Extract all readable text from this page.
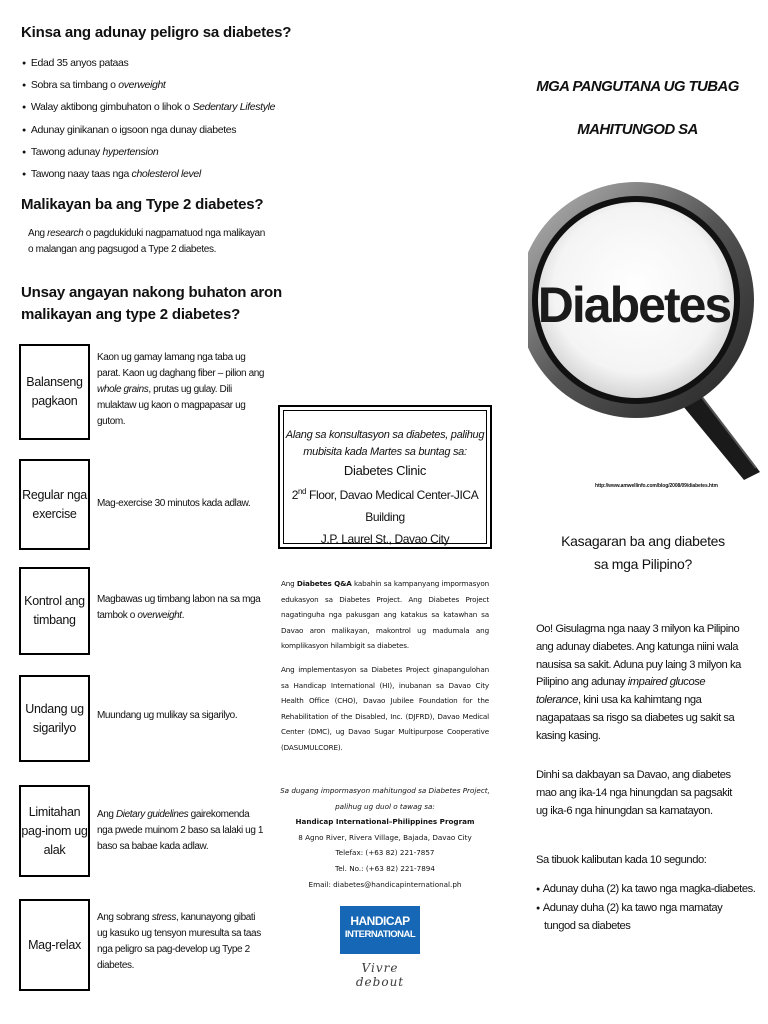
Kinsa ang adunay peligro sa diabetes?
● Edad 35 anyos pataas
● Sobra sa timbang o overweight
● Walay aktibong gimbuhaton o lihok o Sedentary Lifestyle
● Adunay ginikanan o igsoon nga dunay diabetes
● Tawong adunay hypertension
● Tawong naay taas nga cholesterol level
Malikayan ba ang Type 2 diabetes?
Ang research o pagdukiduki nagpamatuod nga malikayan o malangan ang pagsugod a Type 2 diabetes.
Unsay angayan nakong buhaton aron
malikayan ang type 2 diabetes?
Balanseng pagkaon
Kaon ug gamay lamang nga taba ug parat. Kaon ug daghang fiber – pilion ang whole grains, prutas ug gulay. Dili mulaktaw ug kaon o magpapasar ug gutom.
Regular nga exercise
Mag-exercise 30 minutos kada adlaw.
Kontrol ang timbang
Magbawas ug timbang labon na sa mga tambok o overweight.
Undang ug sigarilyo
Muundang ug mulikay sa sigarilyo.
Limitahan pag-inom ug alak
Ang Dietary guidelines gairekomenda nga pwede muinom 2 baso sa lalaki ug 1 baso sa babae kada adlaw.
Mag-relax
Ang sobrang stress, kanunayong gibati ug kasuko ug tensyon muresulta sa taas nga peligro sa pag-develop ug Type 2 diabetes.
Alang sa konsultasyon sa diabetes, palihug mubisita kada Martes sa buntag sa:
Diabetes Clinic
2nd Floor, Davao Medical Center-JICA Building
J.P. Laurel St., Davao City
Ang Diabetes Q&A kabahin sa kampanyang impormasyon edukasyon sa Diabetes Project. Ang Diabetes Project nagatinguha nga pakusgan ang katakus sa katawhan sa Davao aron malikayan, makontrol ug madumala ang komplikasyon hilambigit sa diabetes.
Ang implementasyon sa Diabetes Project ginapangulohan sa Handicap International (HI), inubanan sa Davao City Health Office (CHO), Davao Jubilee Foundation for the Rehabilitation of the Disabled, Inc. (DJFRD), Davao Medical Center (DMC), ug Davao Sugar Multipurpose Cooperative (DASUMULCORE).
Sa dugang impormasyon mahitungod sa Diabetes Project, palihug ug duol o tawag sa:
Handicap International–Philippines Program
8 Agno River, Rivera Village, Bajada, Davao City
Telefax: (+63 82) 221-7857
Tel. No.: (+63 82) 221-7894
Email: diabetes@handicapinternational.ph
HANDICAP
INTERNATIONAL
Vivre debout
MGA PANGUTANA UG TUBAG
MAHITUNGOD SA
Diabetes
http://www.amwellinfo.com/blog/2008/09/diabetes.htm
Kasagaran ba ang diabetes
sa mga Pilipino?
Oo! Gisulagma nga naay 3 milyon ka Pilipino ang adunay diabetes. Ang katunga niini wala nausisa sa sakit. Aduna puy laing 3 milyon ka Pilipino ang adunay impaired glucose tolerance, kini usa ka kahimtang nga nagapataas sa risgo sa diabetes ug sakit sa kasing kasing.
Dinhi sa dakbayan sa Davao, ang diabetes mao ang ika-14 nga hinungdan sa pagsakit ug ika-6 nga hinungdan sa kamatayon.
Sa tibuok kalibutan kada 10 segundo:
● Adunay duha (2) ka tawo nga magka-diabetes.
● Adunay duha (2) ka tawo nga mamatay tungod sa diabetes
